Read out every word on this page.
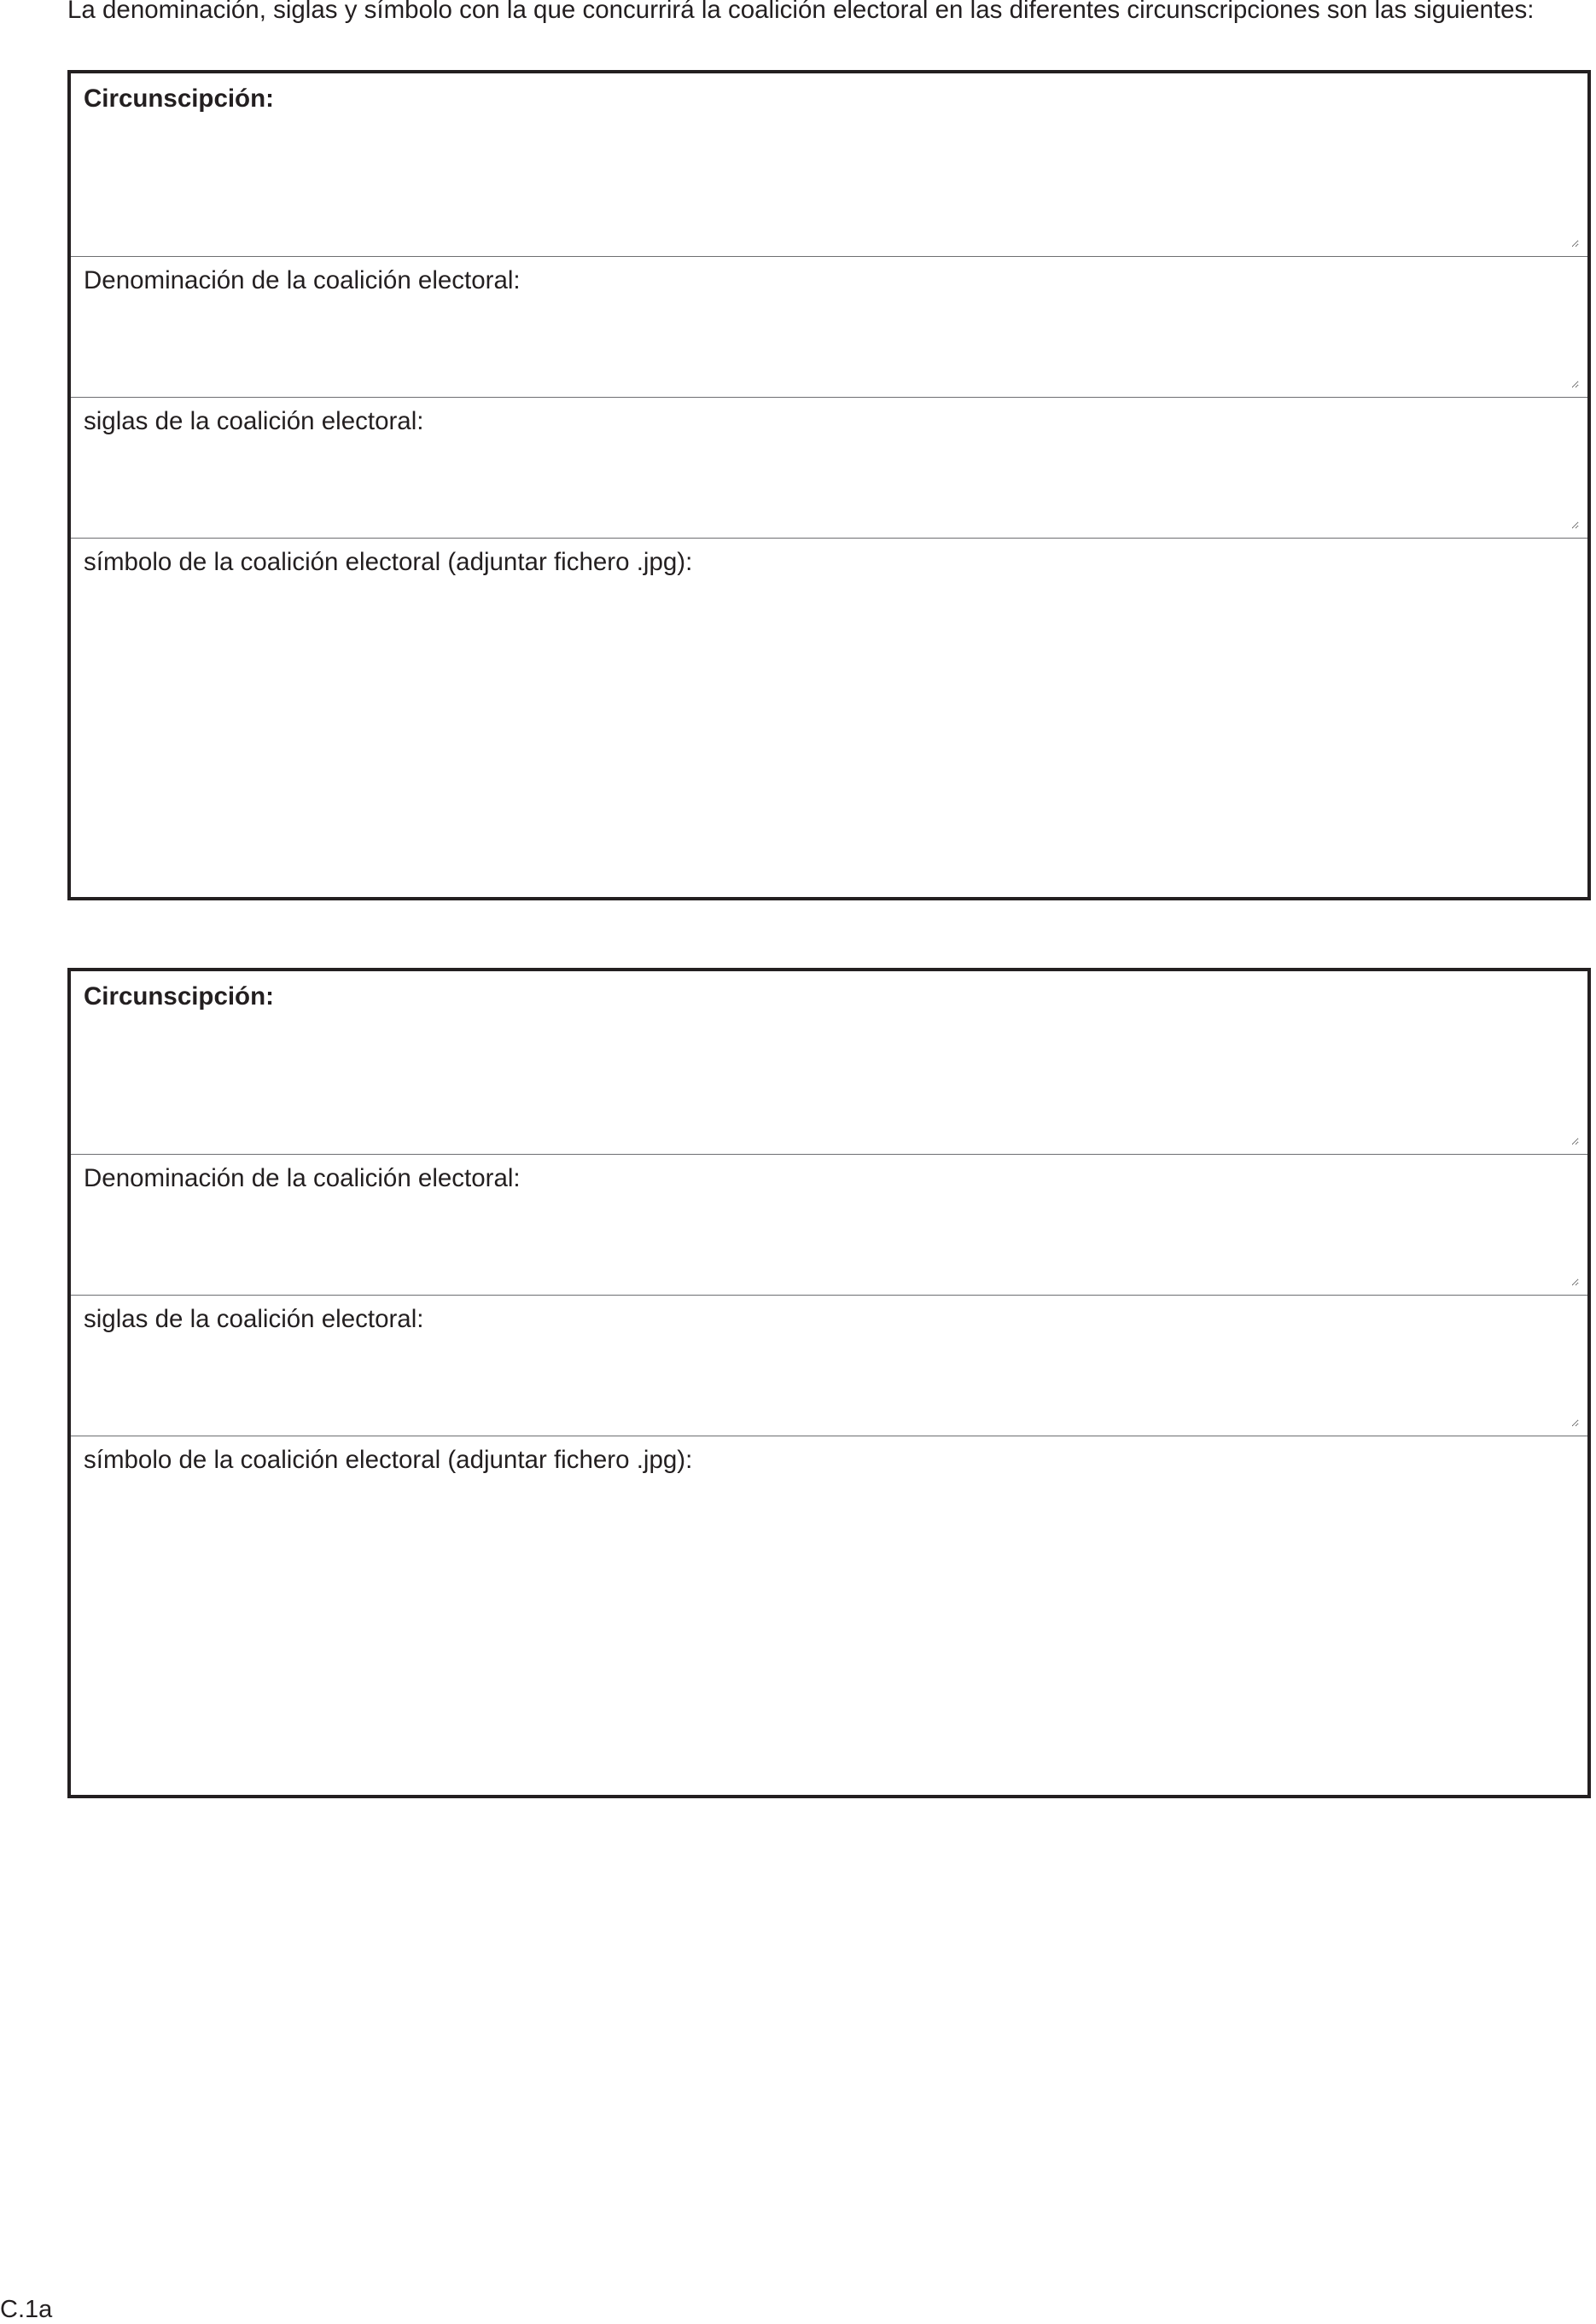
La denominación, siglas y símbolo con la que concurrirá la coalición electoral en las diferentes circunscripciones son las siguientes:

Circunscipción:
Denominación de la coalición electoral:
siglas de la coalición electoral:
símbolo de la coalición electoral (adjuntar fichero .jpg):
Circunscipción:
Denominación de la coalición electoral:
siglas de la coalición electoral:
símbolo de la coalición electoral (adjuntar fichero .jpg):

C.1a
